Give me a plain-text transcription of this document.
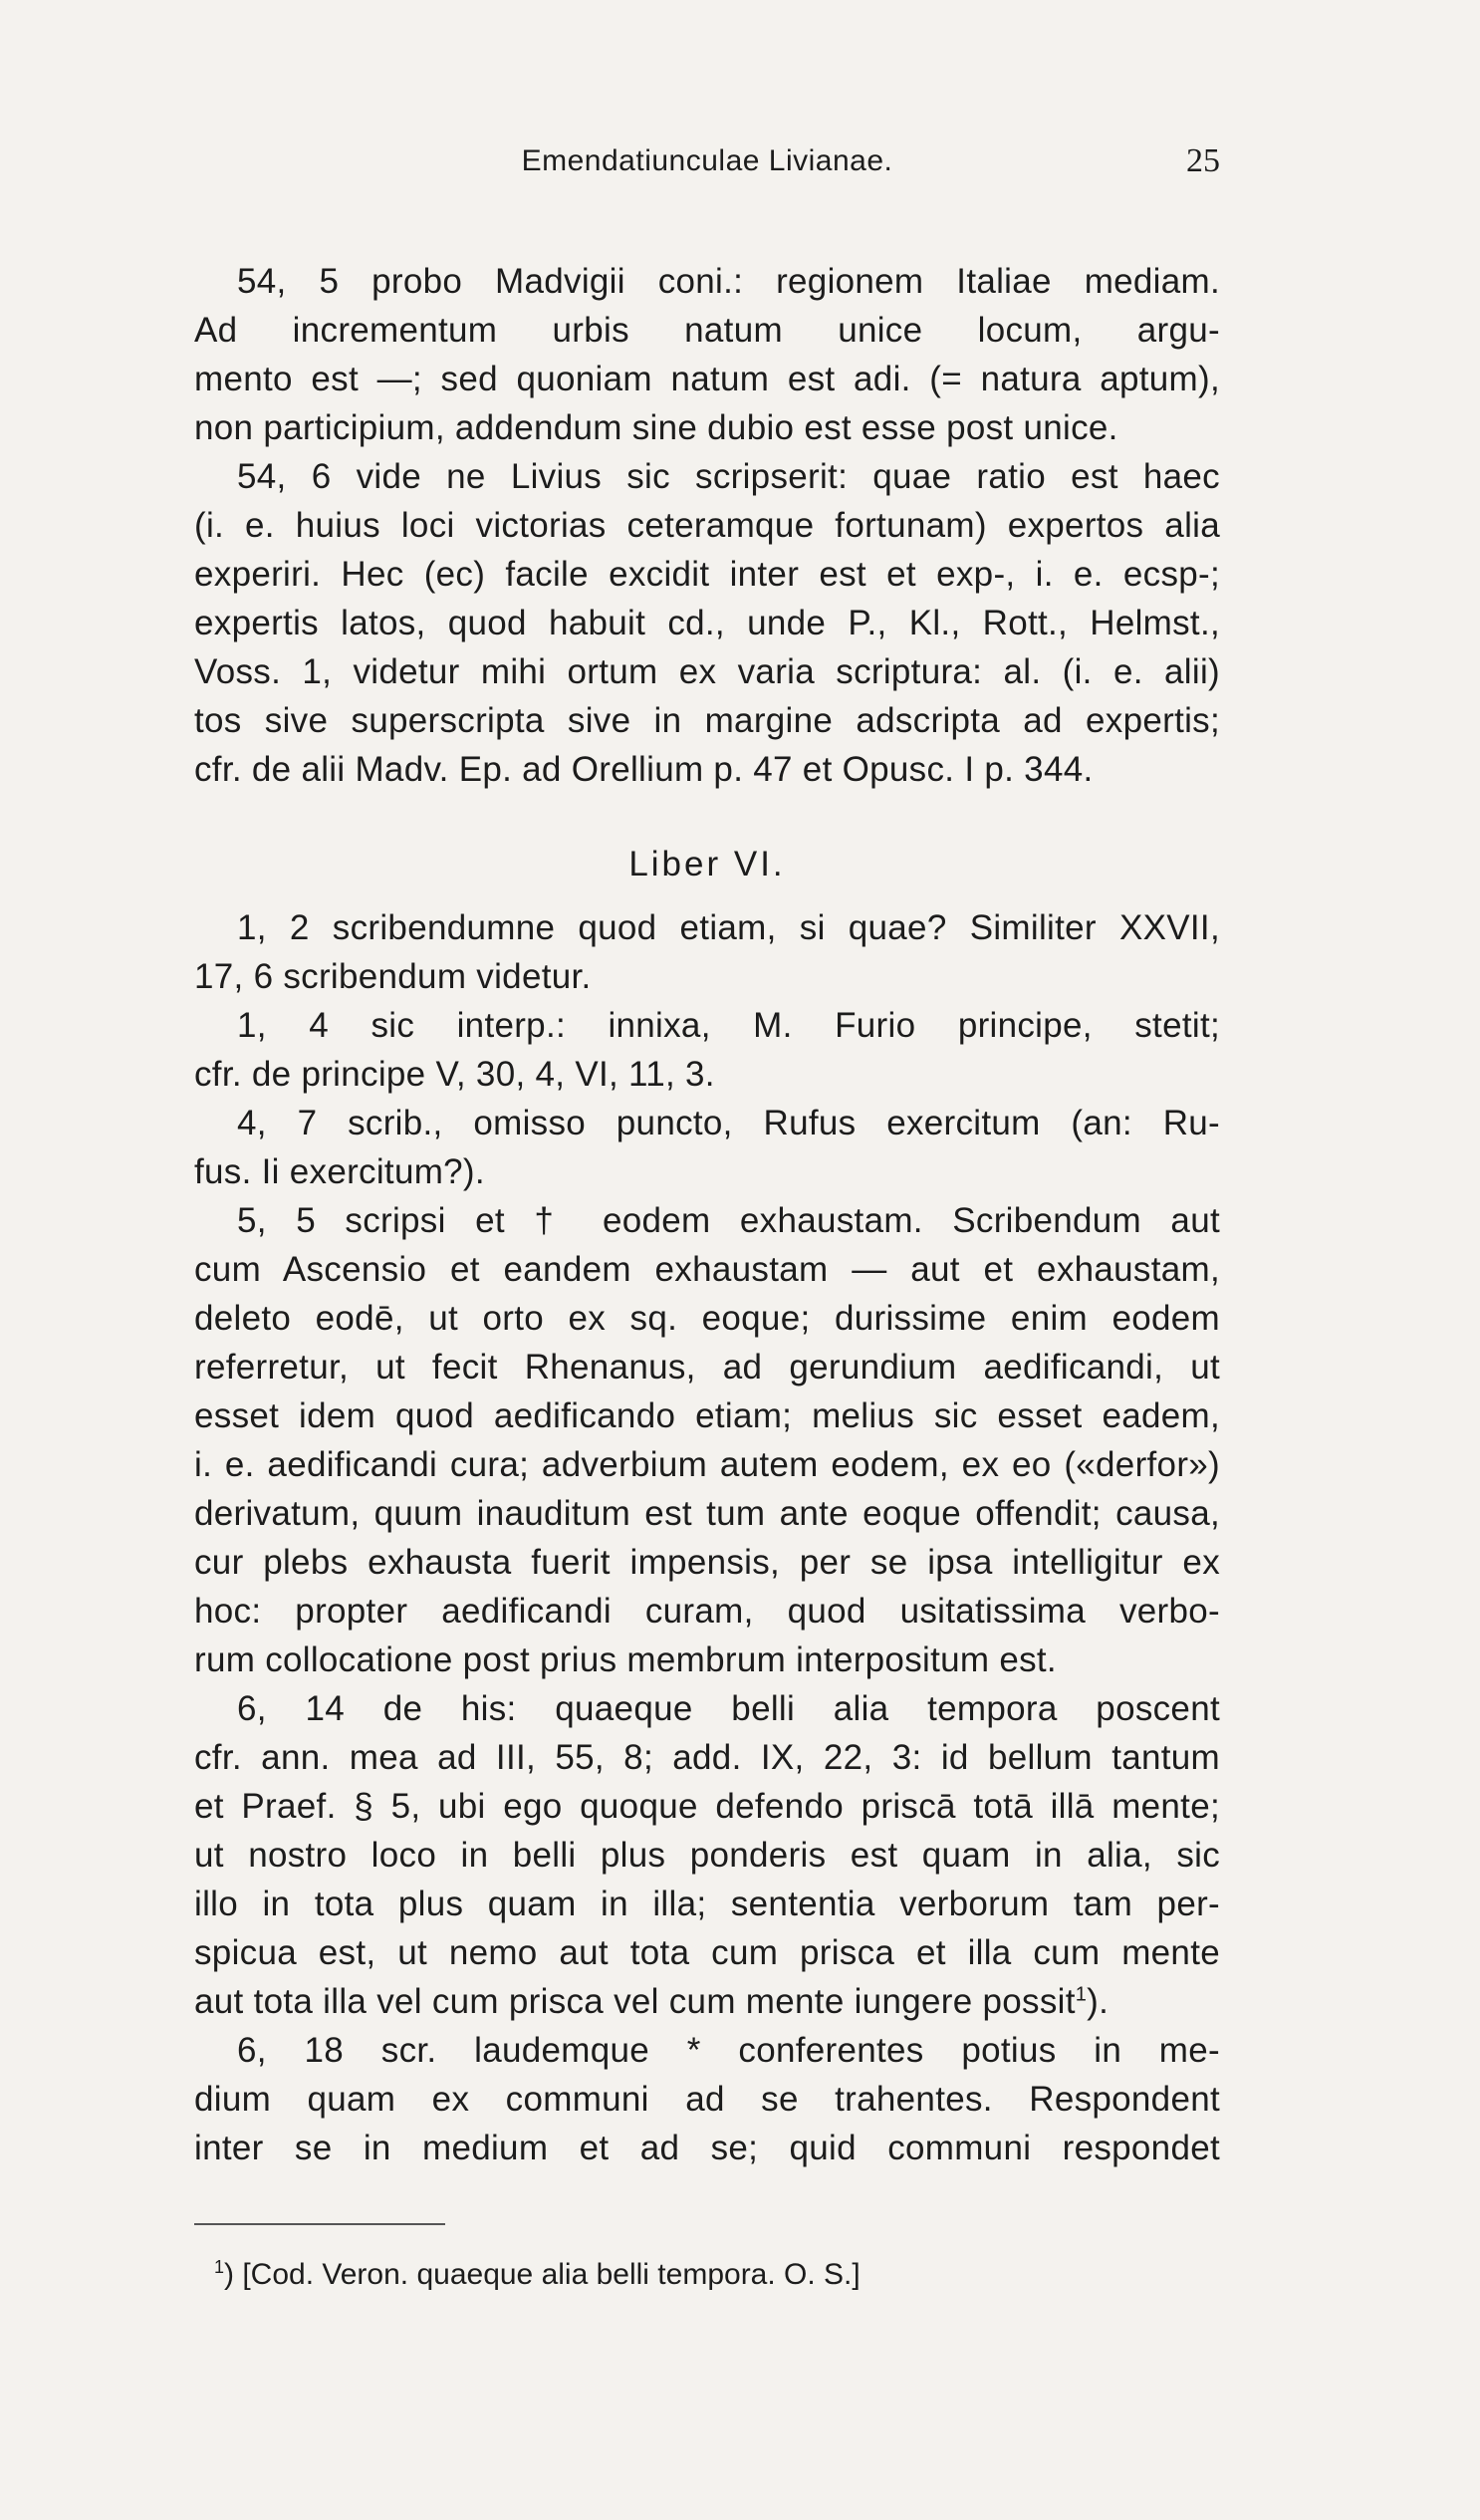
Emendatiunculae Livianae.	25
54, 5 probo Madvigii coni.: regionem Italiae mediam.
Ad incrementum urbis natum unice locum, argu-
mento est —; sed quoniam natum est adi. (= natura aptum),
non participium, addendum sine dubio est esse post unice.
54, 6 vide ne Livius sic scripserit: quae ratio est haec
(i. e. huius loci victorias ceteramque fortunam) expertos alia
experiri. Hec (ec) facile excidit inter est et exp-, i. e. ecsp-;
expertis latos, quod habuit cd., unde P., Kl., Rott., Helmst.,
Voss. 1, videtur mihi ortum ex varia scriptura: al. (i. e. alii)
tos sive superscripta sive in margine adscripta ad expertis;
cfr. de alii Madv. Ep. ad Orellium p. 47 et Opusc. I p. 344.
Liber VI.
1, 2 scribendumne quod etiam, si quae? Similiter XXVII,
17, 6 scribendum videtur.
1, 4 sic interp.: innixa, M. Furio principe, stetit;
cfr. de principe V, 30, 4, VI, 11, 3.
4, 7 scrib., omisso puncto, Rufus exercitum (an: Ru-
fus. Ii exercitum?).
5, 5 scripsi et † eodem exhaustam. Scribendum aut
cum Ascensio et eandem exhaustam — aut et exhaustam,
deleto eodē, ut orto ex sq. eoque; durissime enim eodem
referretur, ut fecit Rhenanus, ad gerundium aedificandi, ut
esset idem quod aedificando etiam; melius sic esset eadem,
i. e. aedificandi cura; adverbium autem eodem, ex eo («derfor»)
derivatum, quum inauditum est tum ante eoque offendit; causa,
cur plebs exhausta fuerit impensis, per se ipsa intelligitur ex
hoc: propter aedificandi curam, quod usitatissima verbo-
rum collocatione post prius membrum interpositum est.
6, 14 de his: quaeque belli alia tempora poscent
cfr. ann. mea ad III, 55, 8; add. IX, 22, 3: id bellum tantum
et Praef. § 5, ubi ego quoque defendo priscā totā illā mente;
ut nostro loco in belli plus ponderis est quam in alia, sic
illo in tota plus quam in illa; sententia verborum tam per-
spicua est, ut nemo aut tota cum prisca et illa cum mente
aut tota illa vel cum prisca vel cum mente iungere possit$^1$).
6, 18 scr. laudemque * conferentes potius in me-
dium quam ex communi ad se trahentes. Respondent
inter se in medium et ad se; quid communi respondet
$^1$) [Cod. Veron. quaeque alia belli tempora. O. S.]
